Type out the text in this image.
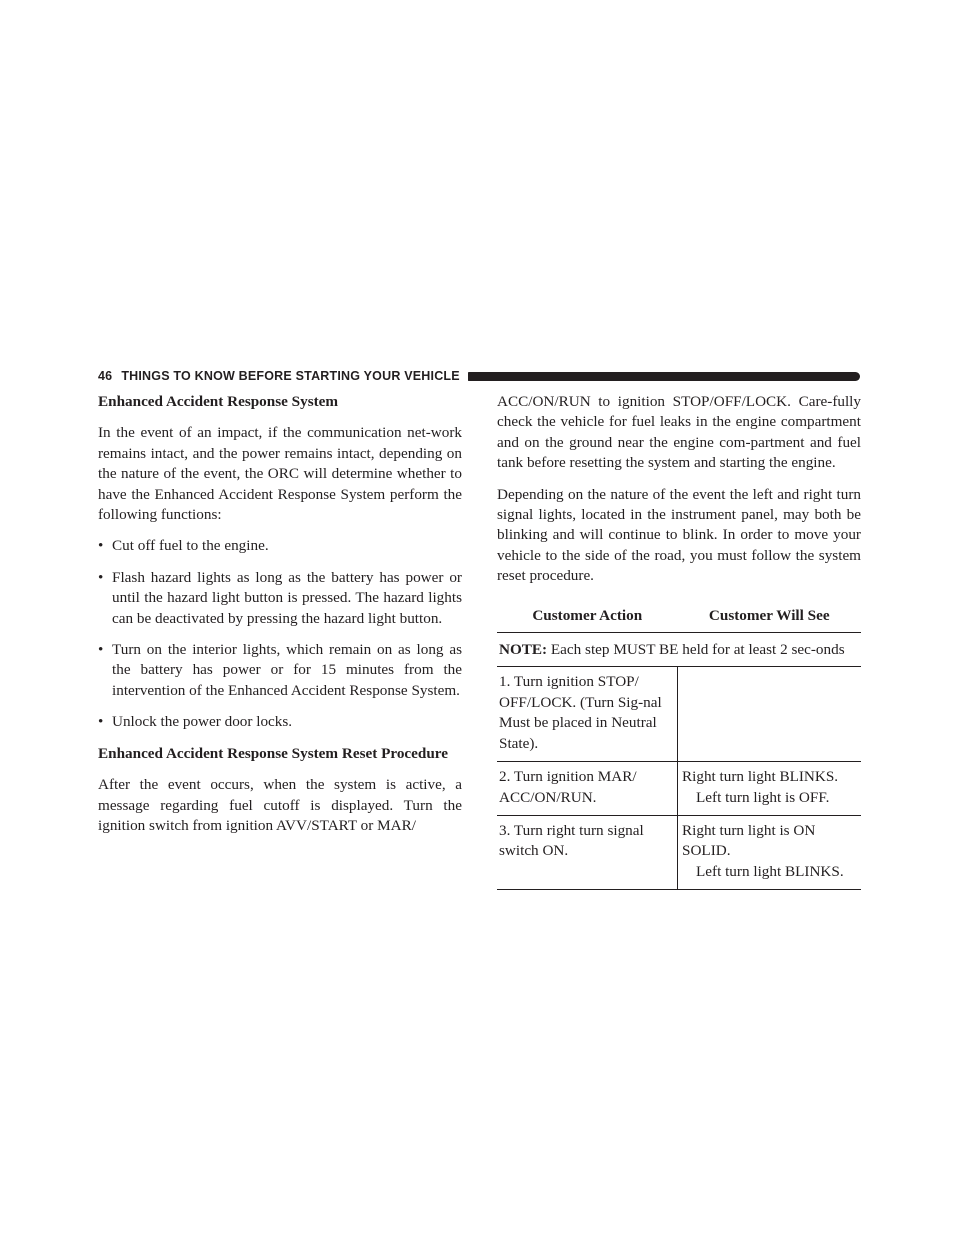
46 THINGS TO KNOW BEFORE STARTING YOUR VEHICLE

Enhanced Accident Response System

In the event of an impact, if the communication net-work remains intact, and the power remains intact, depending on the nature of the event, the ORC will determine whether to have the Enhanced Accident Response System perform the following functions:

• Cut off fuel to the engine.
• Flash hazard lights as long as the battery has power or until the hazard light button is pressed. The hazard lights can be deactivated by pressing the hazard light button.
• Turn on the interior lights, which remain on as long as the battery has power or for 15 minutes from the intervention of the Enhanced Accident Response System.
• Unlock the power door locks.

Enhanced Accident Response System Reset Procedure

After the event occurs, when the system is active, a message regarding fuel cutoff is displayed. Turn the ignition switch from ignition AVV/START or MAR/

ACC/ON/RUN to ignition STOP/OFF/LOCK. Care-fully check the vehicle for fuel leaks in the engine compartment and on the ground near the engine com-partment and fuel tank before resetting the system and starting the engine.

Depending on the nature of the event the left and right turn signal lights, located in the instrument panel, may both be blinking and will continue to blink. In order to move your vehicle to the side of the road, you must follow the system reset procedure.

Customer Action	Customer Will See
NOTE: Each step MUST BE held for at least 2 sec-onds	
1. Turn ignition STOP/ OFF/LOCK. (Turn Sig-nal Must be placed in Neutral State).	
2. Turn ignition MAR/ ACC/ON/RUN.	Right turn light BLINKS.
Left turn light is OFF.

3. Turn right turn signal switch ON.	Right turn light is ON SOLID.
Left turn light BLINKS.
